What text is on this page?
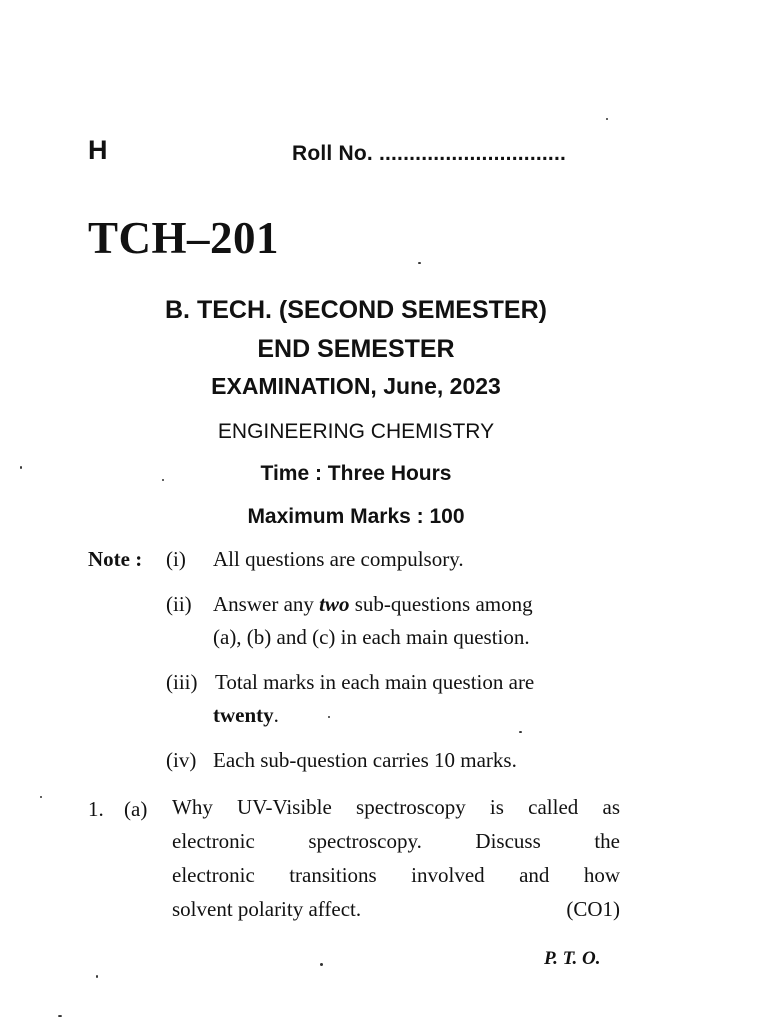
H	Roll No. ...............................
TCH–201
B. TECH. (SECOND SEMESTER)
END SEMESTER
EXAMINATION, June, 2023
ENGINEERING CHEMISTRY
Time : Three Hours
Maximum Marks : 100
Note : (i) All questions are compulsory.
(ii) Answer any two sub-questions among
(a), (b) and (c) in each main question.
(iii) Total marks in each main question are
twenty.
(iv) Each sub-question carries 10 marks.
1. (a) Why UV-Visible spectroscopy is called as
electronic spectroscopy. Discuss the
electronic transitions involved and how
solvent polarity affect.	(CO1)
P. T. O.
